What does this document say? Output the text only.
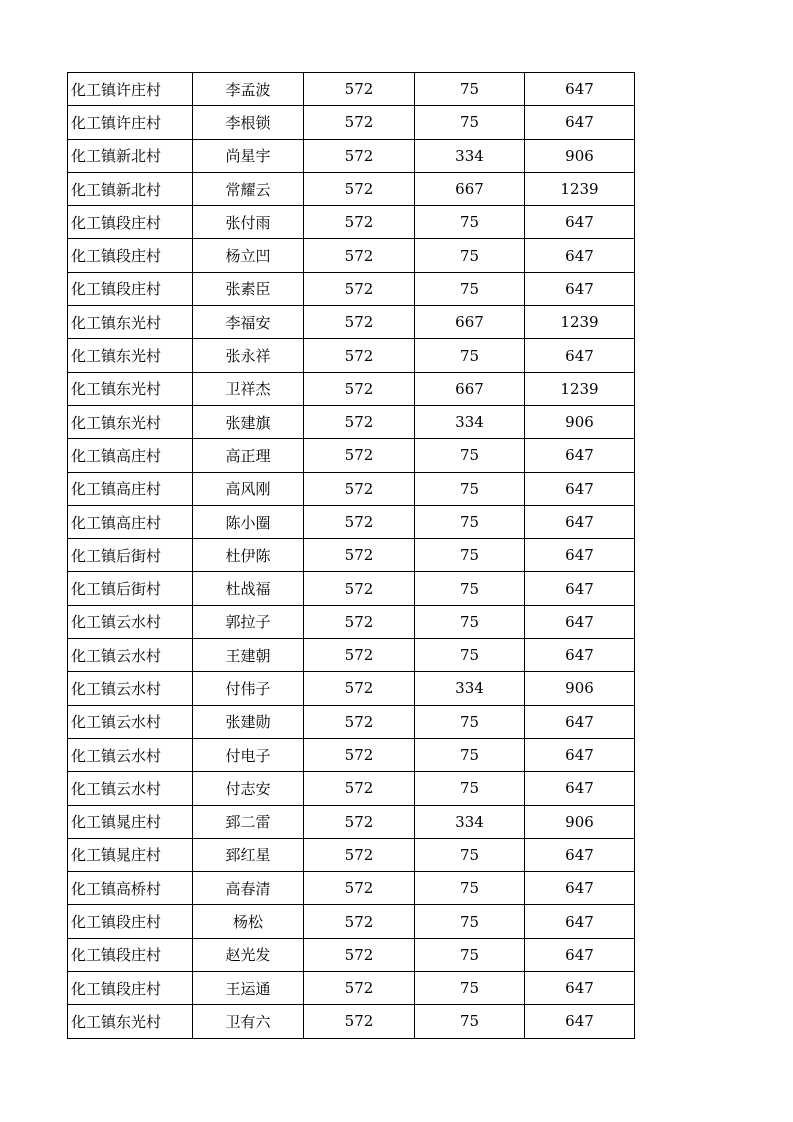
化工镇许庄村	李孟波	572	75	647
化工镇许庄村	李根锁	572	75	647
化工镇新北村	尚星宇	572	334	906
化工镇新北村	常耀云	572	667	1239
化工镇段庄村	张付雨	572	75	647
化工镇段庄村	杨立凹	572	75	647
化工镇段庄村	张素臣	572	75	647
化工镇东光村	李福安	572	667	1239
化工镇东光村	张永祥	572	75	647
化工镇东光村	卫祥杰	572	667	1239
化工镇东光村	张建旗	572	334	906
化工镇高庄村	高正理	572	75	647
化工镇高庄村	高风刚	572	75	647
化工镇高庄村	陈小圈	572	75	647
化工镇后街村	杜伊陈	572	75	647
化工镇后街村	杜战福	572	75	647
化工镇云水村	郭拉子	572	75	647
化工镇云水村	王建朝	572	75	647
化工镇云水村	付伟子	572	334	906
化工镇云水村	张建勋	572	75	647
化工镇云水村	付电子	572	75	647
化工镇云水村	付志安	572	75	647
化工镇晁庄村	郅二雷	572	334	906
化工镇晁庄村	郅红星	572	75	647
化工镇高桥村	高春清	572	75	647
化工镇段庄村	杨松	572	75	647
化工镇段庄村	赵光发	572	75	647
化工镇段庄村	王运通	572	75	647
化工镇东光村	卫有六	572	75	647
